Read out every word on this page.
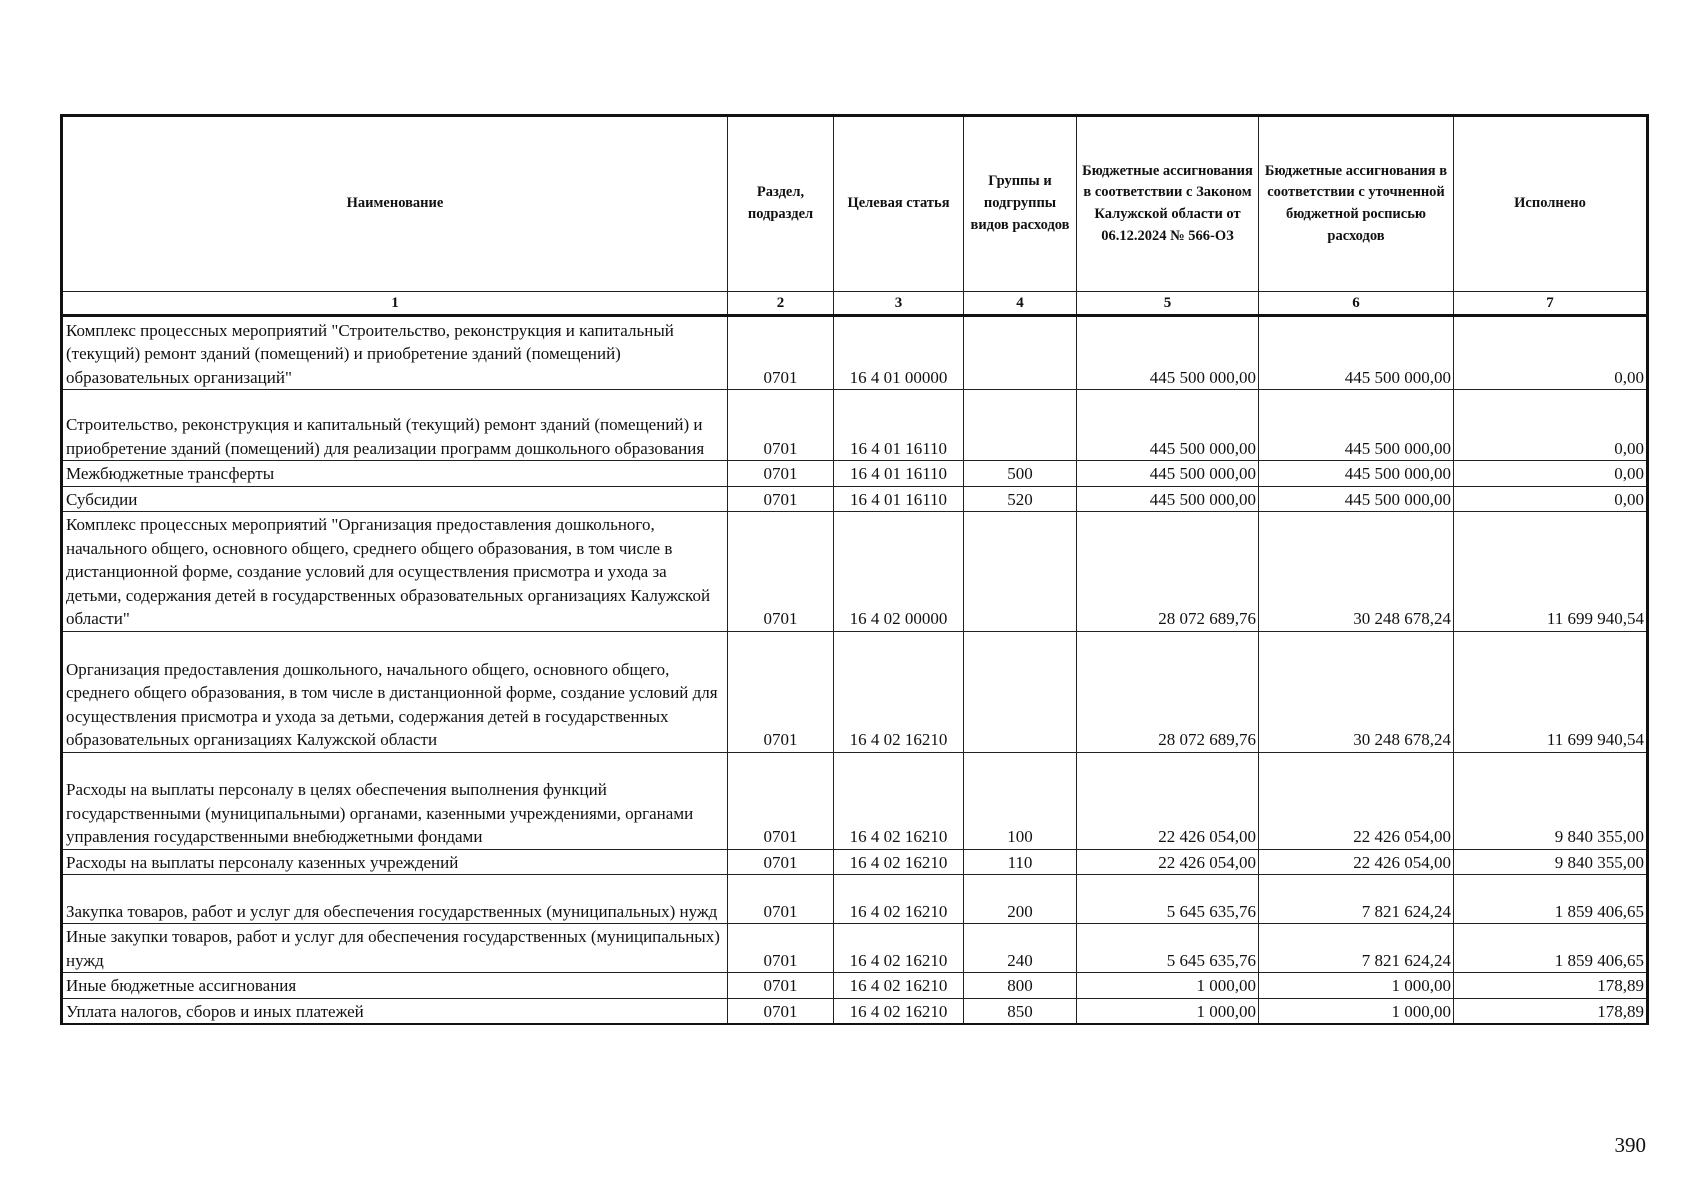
Наименование	Раздел, подраздел	Целевая статья	Группы и подгруппы видов расходов	Бюджетные ассигнования в соответствии с Законом Калужской области от 06.12.2024 № 566-ОЗ	Бюджетные ассигнования в соответствии с уточненной бюджетной росписью расходов	Исполнено
1	2	3	4	5	6	7
Комплекс процессных мероприятий "Строительство, реконструкция и капитальный (текущий) ремонт зданий (помещений) и приобретение зданий (помещений) образовательных организаций"	0701	16 4 01 00000		445 500 000,00	445 500 000,00	0,00
Строительство, реконструкция и капитальный (текущий) ремонт зданий (помещений) и приобретение зданий (помещений) для реализации программ дошкольного образования	0701	16 4 01 16110		445 500 000,00	445 500 000,00	0,00
Межбюджетные трансферты	0701	16 4 01 16110	500	445 500 000,00	445 500 000,00	0,00
Субсидии	0701	16 4 01 16110	520	445 500 000,00	445 500 000,00	0,00
Комплекс процессных мероприятий "Организация предоставления дошкольного, начального общего, основного общего, среднего общего образования, в том числе в дистанционной форме, создание условий для осуществления присмотра и ухода за детьми, содержания детей в государственных образовательных организациях Калужской области"	0701	16 4 02 00000		28 072 689,76	30 248 678,24	11 699 940,54
Организация предоставления дошкольного, начального общего, основного общего, среднего общего образования, в том числе в дистанционной форме, создание условий для осуществления присмотра и ухода за детьми, содержания детей в государственных образовательных организациях Калужской области	0701	16 4 02 16210		28 072 689,76	30 248 678,24	11 699 940,54
Расходы на выплаты персоналу в целях обеспечения выполнения функций государственными (муниципальными) органами, казенными учреждениями, органами управления государственными внебюджетными фондами	0701	16 4 02 16210	100	22 426 054,00	22 426 054,00	9 840 355,00
Расходы на выплаты персоналу казенных учреждений	0701	16 4 02 16210	110	22 426 054,00	22 426 054,00	9 840 355,00
Закупка товаров, работ и услуг для обеспечения государственных (муниципальных) нужд	0701	16 4 02 16210	200	5 645 635,76	7 821 624,24	1 859 406,65
Иные закупки товаров, работ и услуг для обеспечения государственных (муниципальных) нужд	0701	16 4 02 16210	240	5 645 635,76	7 821 624,24	1 859 406,65
Иные бюджетные ассигнования	0701	16 4 02 16210	800	1 000,00	1 000,00	178,89
Уплата налогов, сборов и иных платежей	0701	16 4 02 16210	850	1 000,00	1 000,00	178,89
390
